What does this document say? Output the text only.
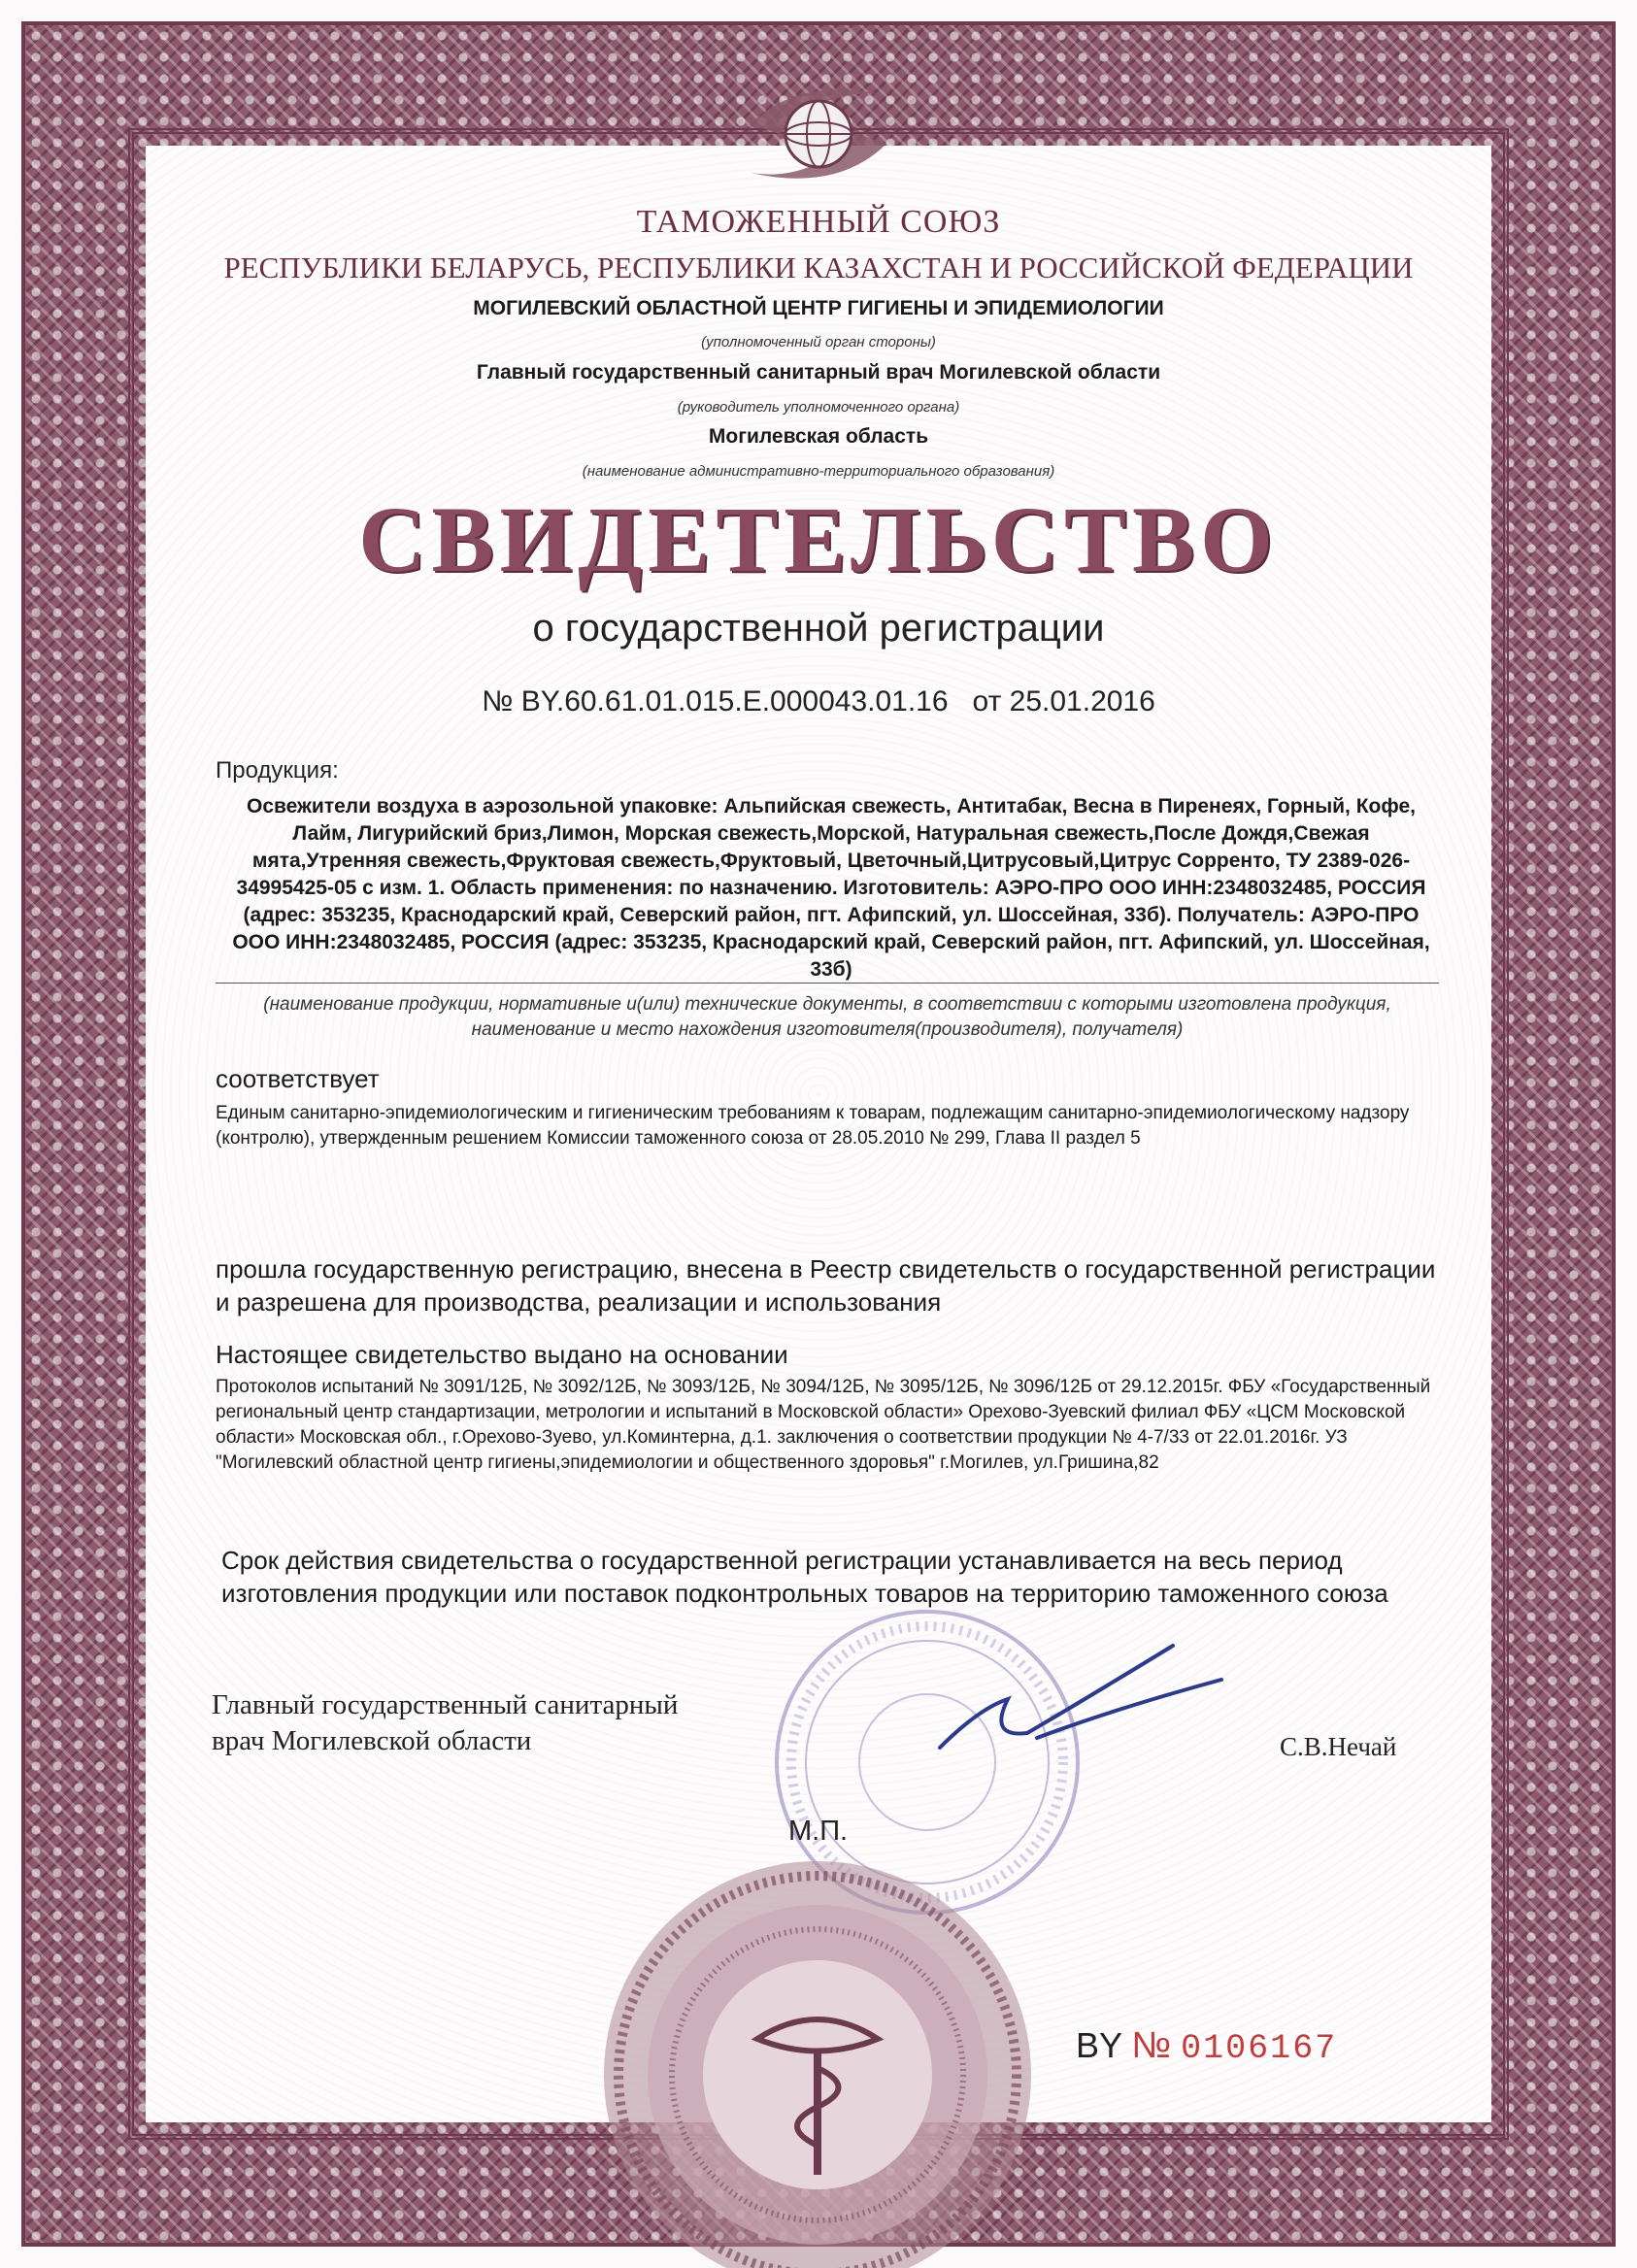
ТАМОЖЕННЫЙ СОЮЗ
РЕСПУБЛИКИ БЕЛАРУСЬ, РЕСПУБЛИКИ КАЗАХСТАН И РОССИЙСКОЙ ФЕДЕРАЦИИ
МОГИЛЕВСКИЙ ОБЛАСТНОЙ ЦЕНТР ГИГИЕНЫ И ЭПИДЕМИОЛОГИИ
(уполномоченный орган стороны)
Главный государственный санитарный врач Могилевской области
(руководитель уполномоченного органа)
Могилевская область
(наименование административно-территориального образования)
СВИДЕТЕЛЬСТВО
о государственной регистрации
№ BY.60.61.01.015.E.000043.01.16   от 25.01.2016
Продукция:
Освежители воздуха в аэрозольной упаковке: Альпийская свежесть, Антитабак, Весна в Пиренеях, Горный, Кофе, Лайм, Лигурийский бриз,Лимон, Морская свежесть,Морской, Натуральная свежесть,После Дождя,Свежая мята,Утренняя свежесть,Фруктовая свежесть,Фруктовый, Цветочный,Цитрусовый,Цитрус Сорренто, ТУ 2389-026-34995425-05 с изм. 1. Область применения: по назначению. Изготовитель: АЭРО-ПРО ООО ИНН:2348032485, РОССИЯ (адрес: 353235, Краснодарский край, Северский район, пгт. Афипский, ул. Шоссейная, 33б). Получатель: АЭРО-ПРО ООО ИНН:2348032485, РОССИЯ (адрес: 353235, Краснодарский край, Северский район, пгт. Афипский, ул. Шоссейная, 33б)
(наименование продукции, нормативные и(или) технические документы, в соответствии с которыми изготовлена продукция, наименование и место нахождения изготовителя(производителя), получателя)
соответствует
Единым санитарно-эпидемиологическим и гигиеническим требованиям к товарам, подлежащим санитарно-эпидемиологическому надзору (контролю), утвержденным решением Комиссии таможенного союза от 28.05.2010 № 299, Глава II раздел 5
прошла государственную регистрацию, внесена в Реестр свидетельств о государственной регистрации и разрешена для производства, реализации и использования
Настоящее свидетельство выдано на основании
Протоколов испытаний № 3091/12Б, № 3092/12Б, № 3093/12Б, № 3094/12Б, № 3095/12Б, № 3096/12Б от 29.12.2015г. ФБУ «Государственный региональный центр стандартизации, метрологии и испытаний в Московской области» Орехово-Зуевский филиал ФБУ «ЦСМ Московской области» Московская обл., г.Орехово-Зуево, ул.Коминтерна, д.1. заключения о соответствии продукции № 4-7/33 от 22.01.2016г. УЗ "Могилевский областной центр гигиены,эпидемиологии и общественного здоровья" г.Могилев, ул.Гришина,82
Срок действия свидетельства о государственной регистрации устанавливается на весь период изготовления продукции или поставок подконтрольных товаров на территорию таможенного союза
Главный государственный санитарный
врач Могилевской области	С.В.Нечай
М.П.
BY № 0106167
